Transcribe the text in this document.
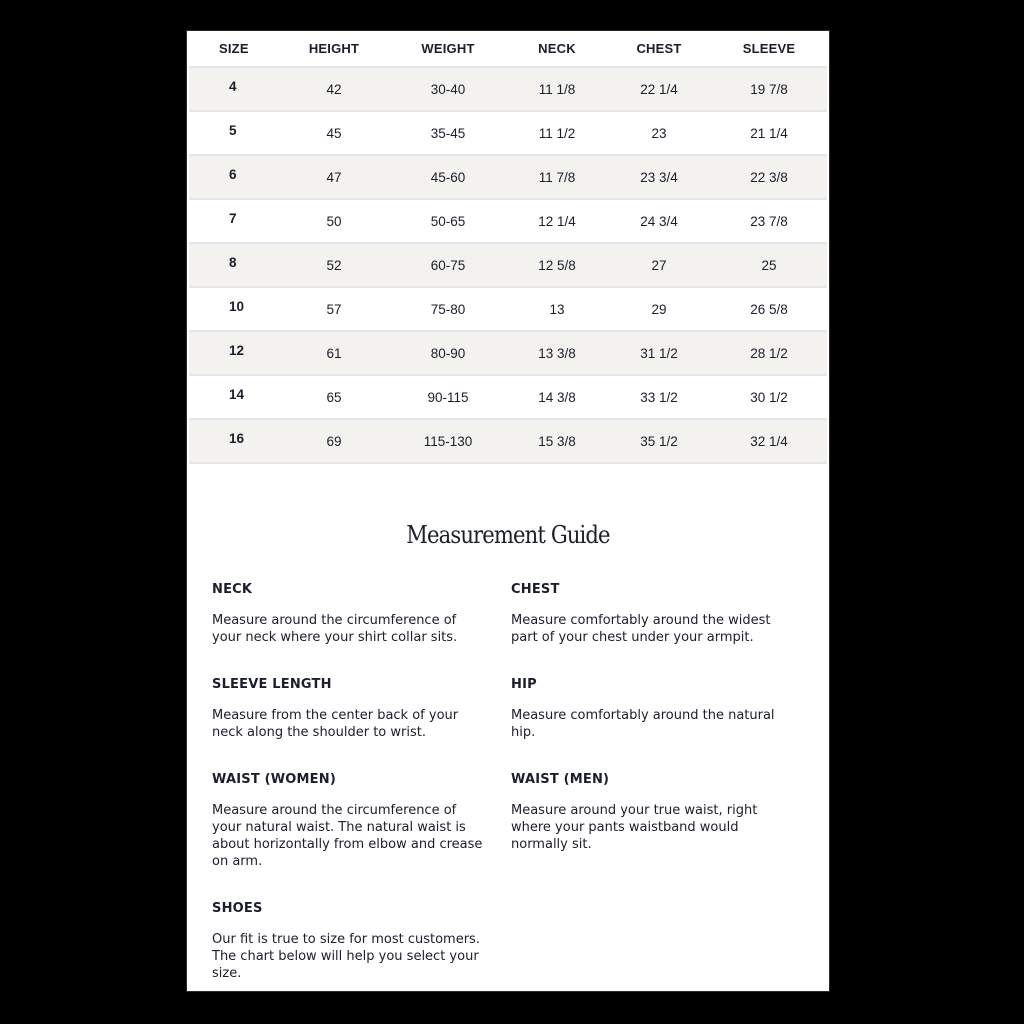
SIZE	HEIGHT	WEIGHT	NECK	CHEST	SLEEVE
4	42	30-40	11 1/8	22 1/4	19 7/8
5	45	35-45	11 1/2	23	21 1/4
6	47	45-60	11 7/8	23 3/4	22 3/8
7	50	50-65	12 1/4	24 3/4	23 7/8
8	52	60-75	12 5/8	27	25
10	57	75-80	13	29	26 5/8
12	61	80-90	13 3/8	31 1/2	28 1/2
14	65	90-115	14 3/8	33 1/2	30 1/2
16	69	115-130	15 3/8	35 1/2	32 1/4
Measurement Guide
NECK

Measure around the circumference of your neck where your shirt collar sits.

CHEST

Measure comfortably around the widest part of your chest under your armpit.

SLEEVE LENGTH

Measure from the center back of your neck along the shoulder to wrist.

HIP

Measure comfortably around the natural hip.

WAIST (WOMEN)

Measure around the circumference of your natural waist. The natural waist is about horizontally from elbow and crease on arm.

WAIST (MEN)

Measure around your true waist, right where your pants waistband would normally sit.

SHOES

Our fit is true to size for most customers. The chart below will help you select your size.
